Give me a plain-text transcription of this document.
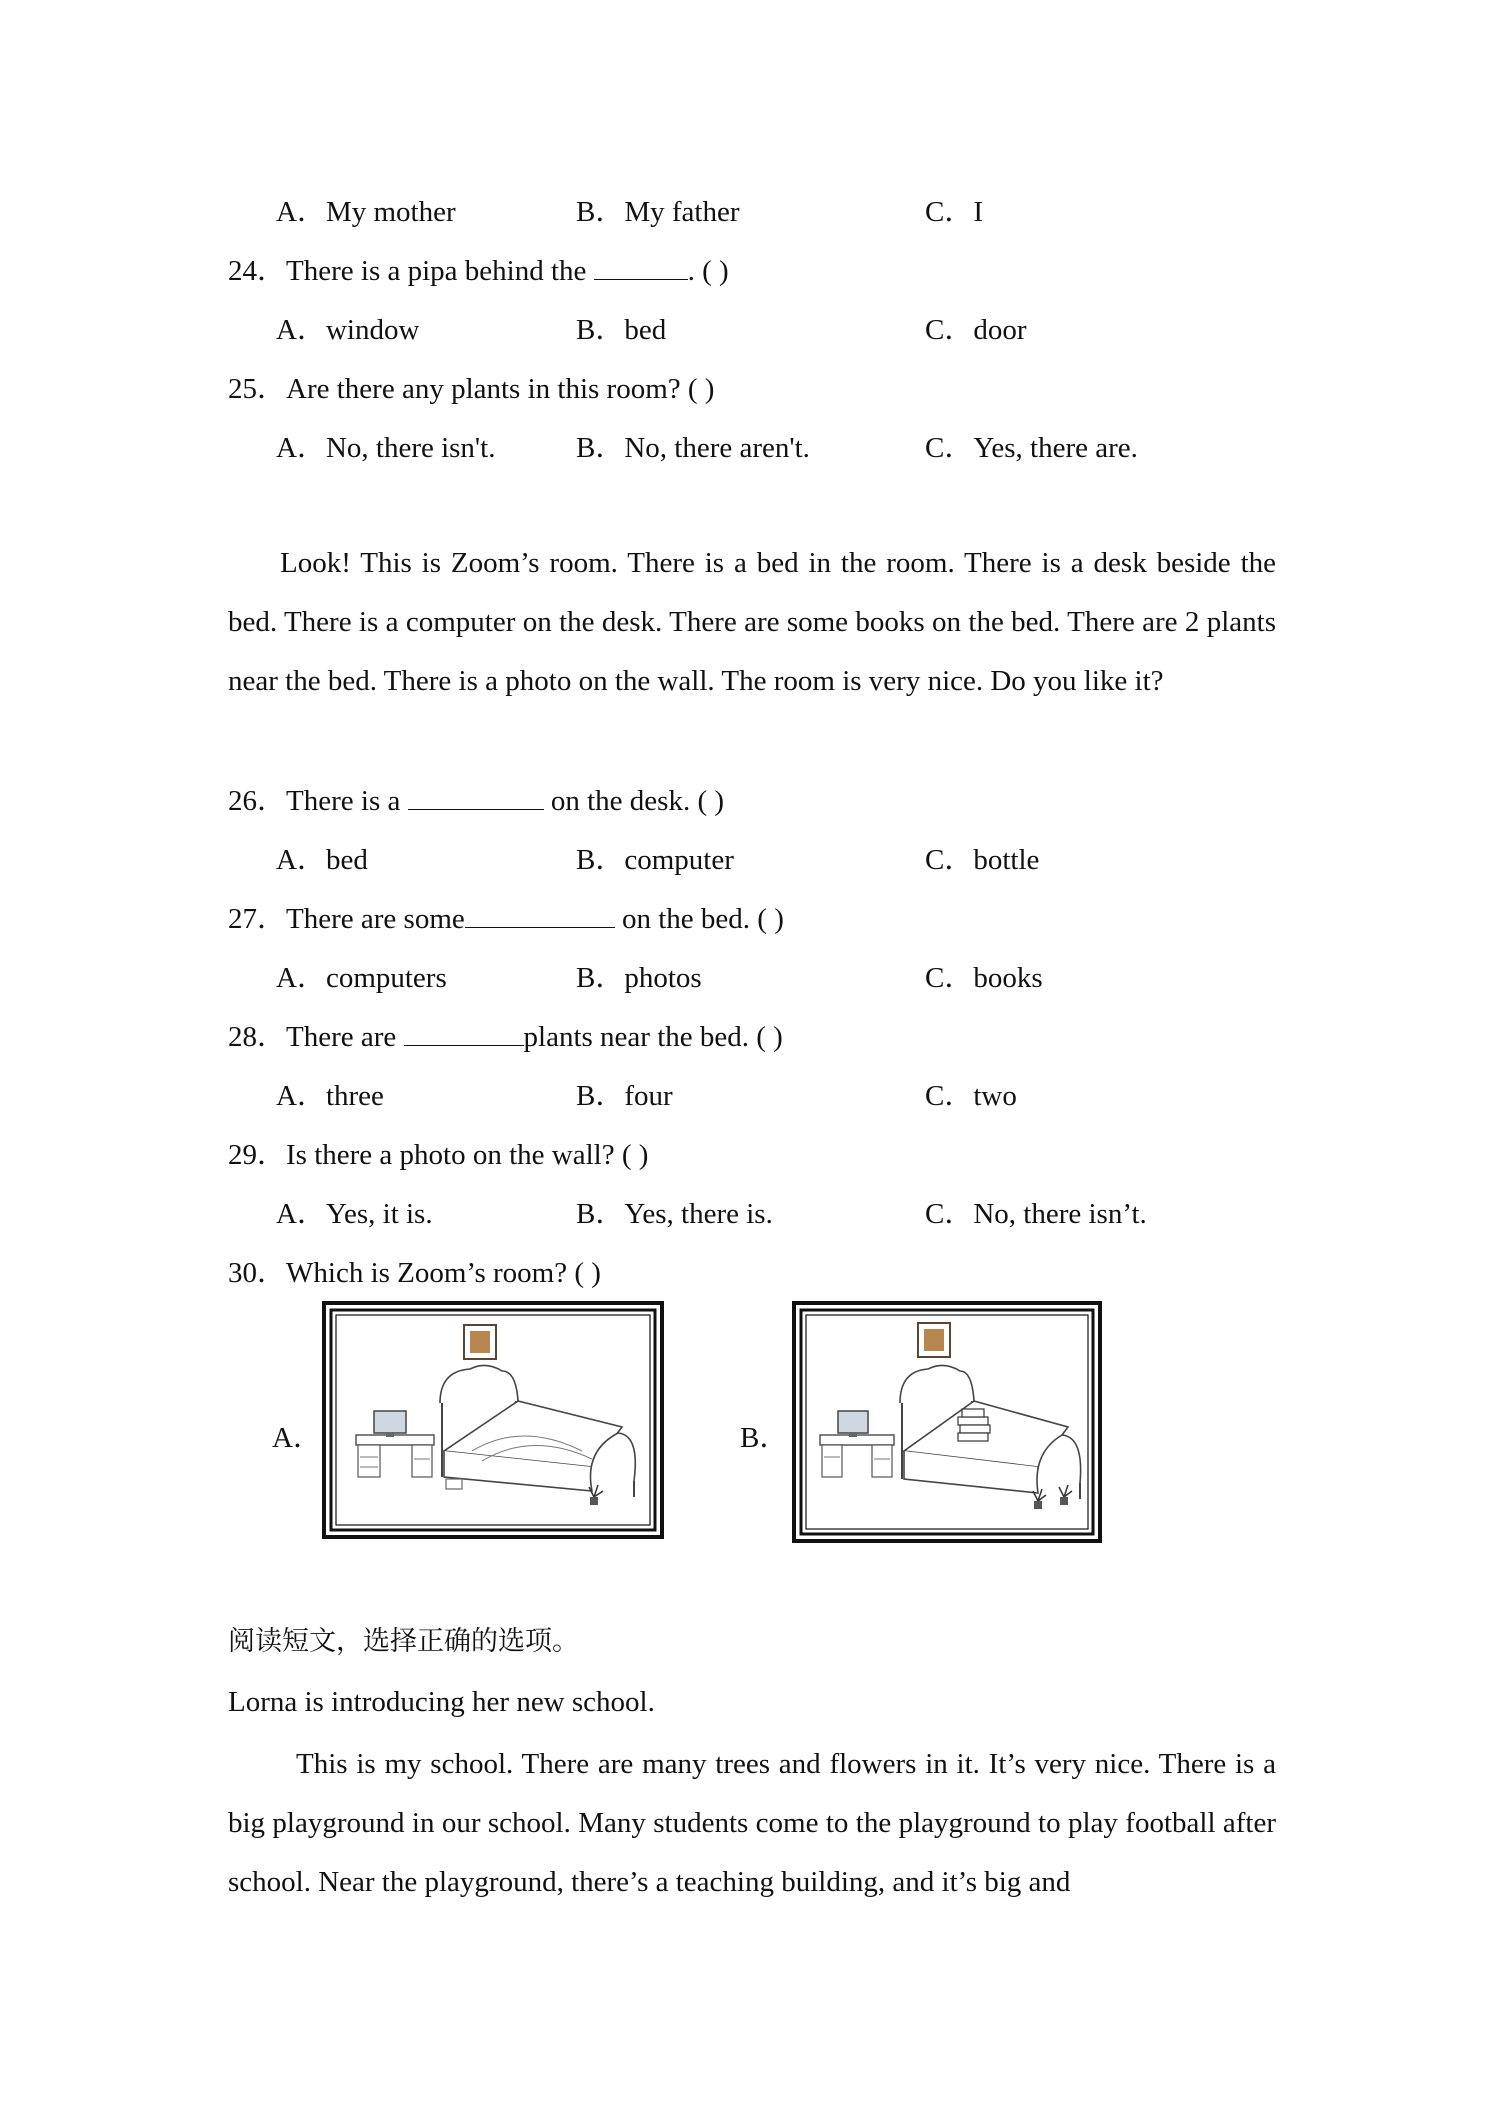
A．My mother	B．My father	C．I
24．There is a pipa behind the	. ( )
A．window	B．bed	C．door
25．Are there any plants in this room? ( )
A．No, there isn't.	B．No, there aren't.	C．Yes, there are.
Look! This is Zoom’s room. There is a bed in the room. There is a desk beside the bed. There is a computer on the desk. There are some books on the bed. There are 2 plants near the bed. There is a photo on the wall. The room is very nice. Do you like it?
26．There is a	on the desk. ( )
A．bed	B．computer	C．bottle
27．There are some	on the bed. ( )
A．computers	B．photos	C．books
28．There are	plants near the bed. ( )
A．three	B．four	C．two
29．Is there a photo on the wall? ( )
A．Yes, it is.	B．Yes, there is.	C．No, there isn’t.
30．Which is Zoom’s room? ( )
A．	B．
阅读短文，选择正确的选项。
Lorna is introducing her new school.
This is my school. There are many trees and flowers in it. It’s very nice. There is a big playground in our school. Many students come to the playground to play football after school. Near the playground, there’s a teaching building, and it’s big and
